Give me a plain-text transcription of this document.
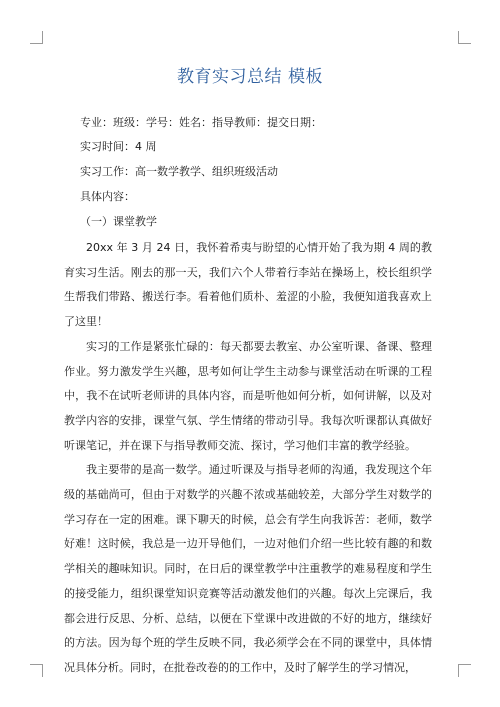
教育实习总结 模板
专业：班级：学号：姓名：指导教师：提交日期：
实习时间：4 周
实习工作：高一数学教学、组织班级活动
具体内容：
（一）课堂教学

20xx 年 3 月 24 日，我怀着希夷与盼望的心情开始了我为期 4 周的教育实习生活。刚去的那一天，我们六个人带着行李站在操场上，校长组织学生帮我们带路、搬送行李。看着他们质朴、羞涩的小脸，我便知道我喜欢上了这里！

实习的工作是紧张忙碌的：每天都要去教室、办公室听课、备课、整理作业。努力激发学生兴趣，思考如何让学生主动参与课堂活动在听课的工程中，我不在试听老师讲的具体内容，而是听他如何分析，如何讲解，以及对教学内容的安排，课堂气氛、学生情绪的带动引导。我每次听课都认真做好听课笔记，并在课下与指导教师交流、探讨，学习他们丰富的教学经验。

我主要带的是高一数学。通过听课及与指导老师的沟通，我发现这个年级的基础尚可，但由于对数学的兴趣不浓或基础较差，大部分学生对数学的学习存在一定的困难。课下聊天的时候，总会有学生向我诉苦：老师，数学好难！这时候，我总是一边开导他们，一边对他们介绍一些比较有趣的和数学相关的趣味知识。同时，在日后的课堂教学中注重教学的难易程度和学生的接受能力，组织课堂知识竞赛等活动激发他们的兴趣。每次上完课后，我都会进行反思、分析、总结，以便在下堂课中改进做的不好的地方，继续好的方法。因为每个班的学生反映不同，我必须学会在不同的课堂中，具体情况具体分析。同时，在批卷改卷的的工作中，及时了解学生的学习情况，
